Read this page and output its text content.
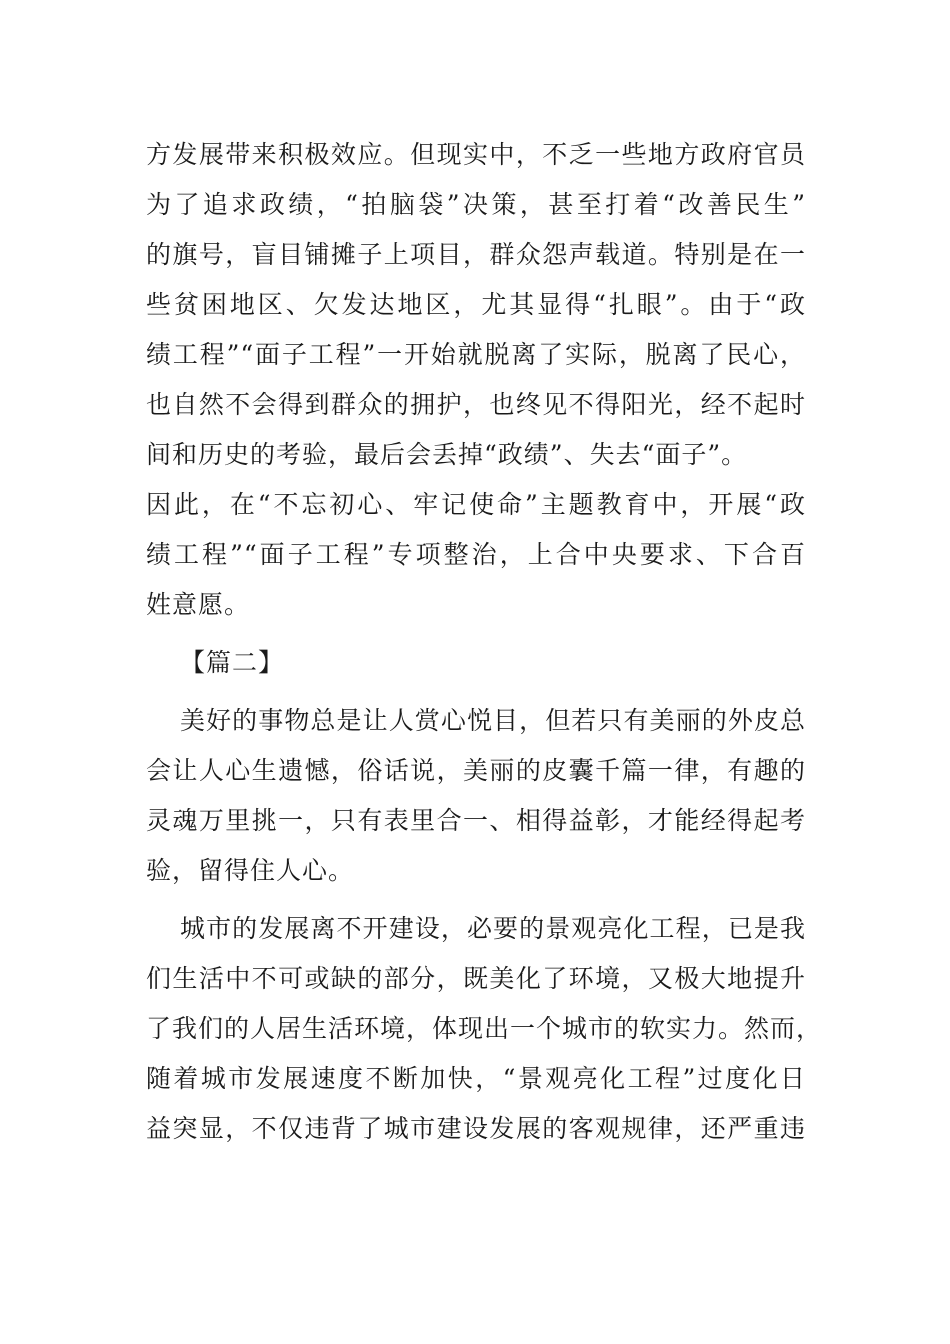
方发展带来积极效应。但现实中，不乏一些地方政府官员
为了追求政绩，“拍脑袋”决策，甚至打着“改善民生”
的旗号，盲目铺摊子上项目，群众怨声载道。特别是在一
些贫困地区、欠发达地区，尤其显得“扎眼”。由于“政
绩工程”“面子工程”一开始就脱离了实际，脱离了民心，
也自然不会得到群众的拥护，也终见不得阳光，经不起时
间和历史的考验，最后会丢掉“政绩”、失去“面子”。
因此，在“不忘初心、牢记使命”主题教育中，开展“政
绩工程”“面子工程”专项整治，上合中央要求、下合百
姓意愿。
【篇二】
美好的事物总是让人赏心悦目，但若只有美丽的外皮总
会让人心生遗憾，俗话说，美丽的皮囊千篇一律，有趣的
灵魂万里挑一，只有表里合一、相得益彰，才能经得起考
验，留得住人心。
城市的发展离不开建设，必要的景观亮化工程，已是我
们生活中不可或缺的部分，既美化了环境，又极大地提升
了我们的人居生活环境，体现出一个城市的软实力。然而，
随着城市发展速度不断加快，“景观亮化工程”过度化日
益突显，不仅违背了城市建设发展的客观规律，还严重违
